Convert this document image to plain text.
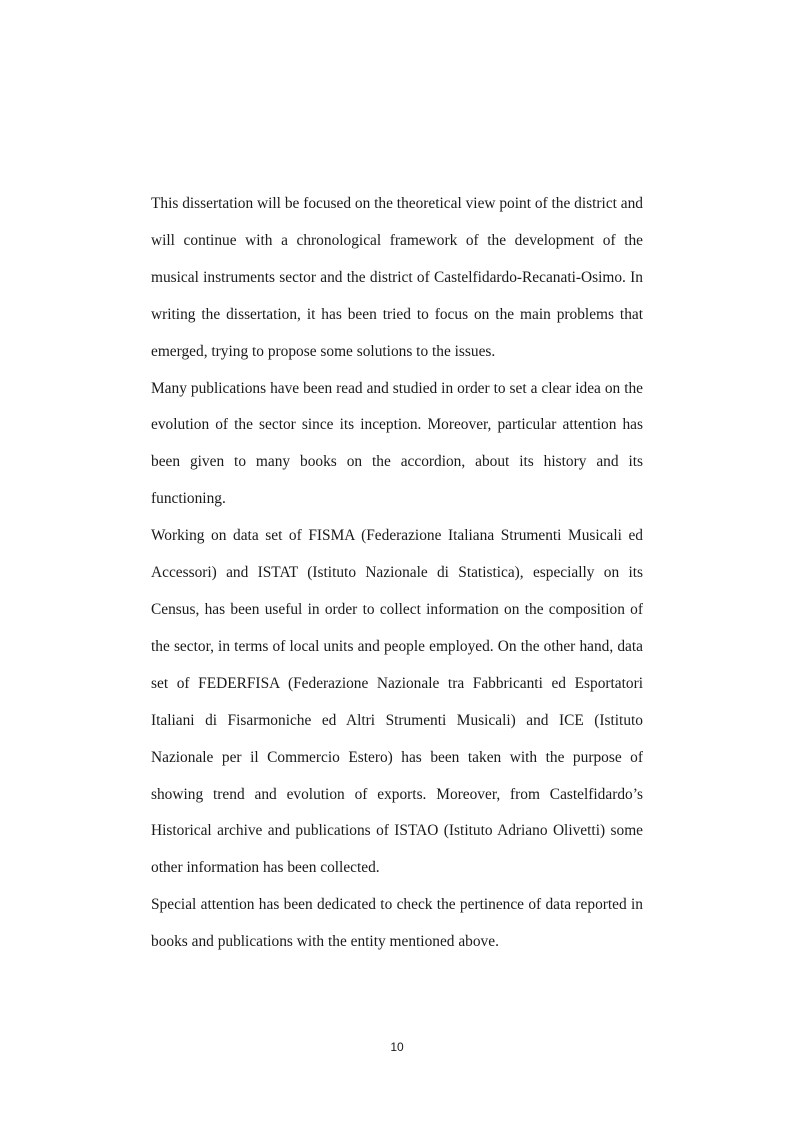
This dissertation will be focused on the theoretical view point of the district and will continue with a chronological framework of the development of the musical instruments sector and the district of Castelfidardo-Recanati-Osimo. In writing the dissertation, it has been tried to focus on the main problems that emerged, trying to propose some solutions to the issues.

Many publications have been read and studied in order to set a clear idea on the evolution of the sector since its inception. Moreover, particular attention has been given to many books on the accordion, about its history and its functioning.

Working on data set of FISMA (Federazione Italiana Strumenti Musicali ed Accessori) and ISTAT (Istituto Nazionale di Statistica), especially on its Census, has been useful in order to collect information on the composition of the sector, in terms of local units and people employed. On the other hand, data set of FEDERFISA (Federazione Nazionale tra Fabbricanti ed Esportatori Italiani di Fisarmoniche ed Altri Strumenti Musicali) and ICE (Istituto Nazionale per il Commercio Estero) has been taken with the purpose of showing trend and evolution of exports. Moreover, from Castelfidardo’s Historical archive and publications of ISTAO (Istituto Adriano Olivetti) some other information has been collected.

Special attention has been dedicated to check the pertinence of data reported in books and publications with the entity mentioned above.

10
